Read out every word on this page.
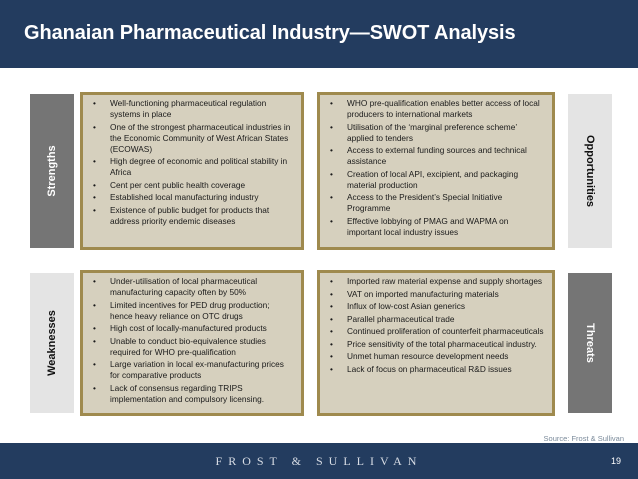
Ghanaian Pharmaceutical Industry—SWOT Analysis
Strengths
• Well-functioning pharmaceutical regulation systems in place
• One of the strongest pharmaceutical industries in the Economic Community of West African States (ECOWAS)
• High degree of economic and political stability in Africa
• Cent per cent public health coverage
• Established local manufacturing industry
• Existence of public budget for products that address priority endemic diseases
• WHO pre-qualification enables better access of local producers to international markets
• Utilisation of the ‘marginal preference scheme’ applied to tenders
• Access to external funding sources and technical assistance
• Creation of local API, excipient, and packaging material production
• Access to the President’s Special Initiative Programme
• Effective lobbying of PMAG and WAPMA on important local industry issues
Opportunities
Weaknesses
• Under-utilisation of local pharmaceutical manufacturing capacity often by 50%
• Limited incentives for PED drug production; hence heavy reliance on OTC drugs
• High cost of locally-manufactured products
• Unable to conduct bio-equivalence studies required for WHO pre-qualification
• Large variation in local ex-manufacturing prices for comparative products
• Lack of consensus regarding TRIPS implementation and compulsory licensing.
• Imported raw material expense and supply shortages
• VAT on imported manufacturing materials
• Influx of low-cost Asian generics
• Parallel pharmaceutical trade
• Continued proliferation of counterfeit pharmaceuticals
• Price sensitivity of the total pharmaceutical industry.
• Unmet human resource development needs
• Lack of focus on pharmaceutical R&D issues
Threats
Source: Frost & Sullivan
FROST & SULLIVAN	19
